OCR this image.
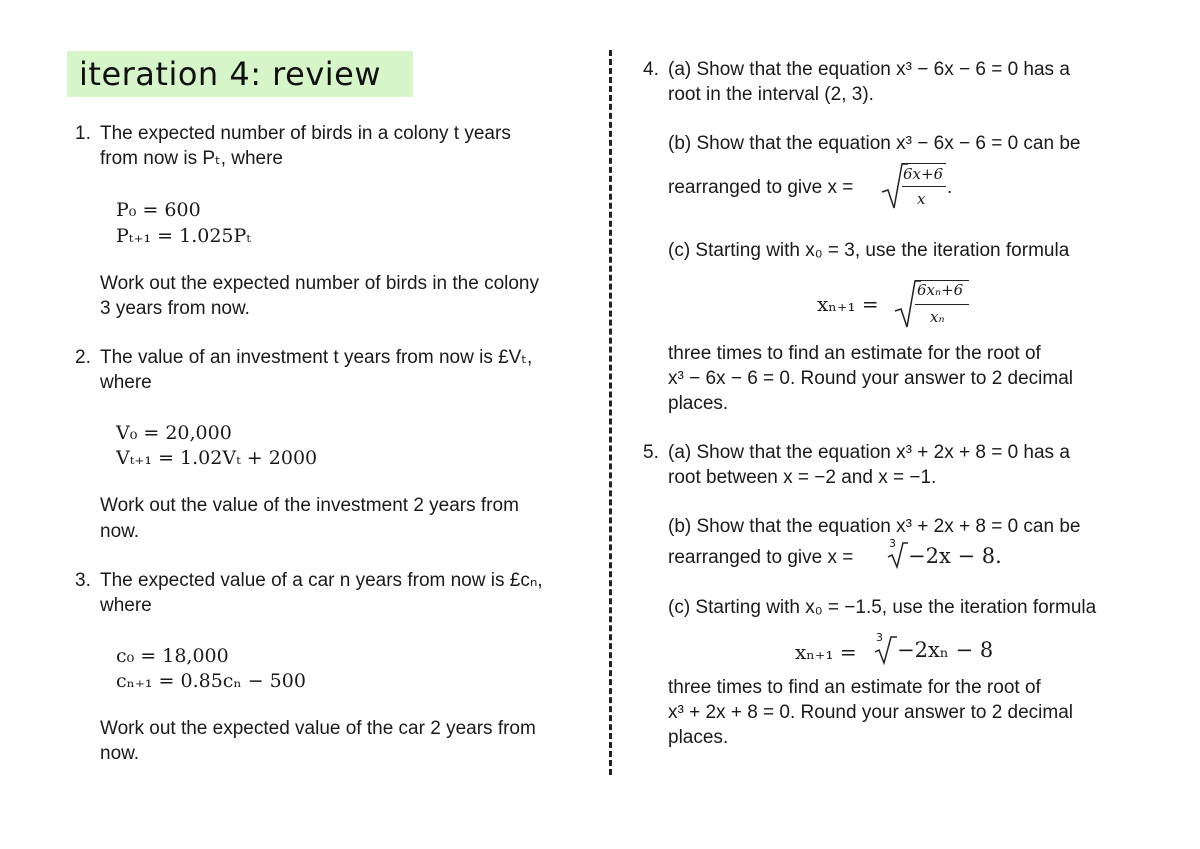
iteration 4: review
1. The expected number of birds in a colony t years
from now is Pₜ, where
P₀ = 600
Pₜ₊₁ = 1.025Pₜ
Work out the expected number of birds in the colony
3 years from now.
2. The value of an investment t years from now is £Vₜ,
where
V₀ = 20,000
Vₜ₊₁ = 1.02Vₜ + 2000
Work out the value of the investment 2 years from
now.
3. The expected value of a car n years from now is £cₙ,
where
c₀ = 18,000
cₙ₊₁ = 0.85cₙ − 500
Work out the expected value of the car 2 years from
now.
4. (a) Show that the equation x³ − 6x − 6 = 0 has a
root in the interval (2, 3).
(b) Show that the equation x³ − 6x − 6 = 0 can be
rearranged to give x =
6x+6
x
.
(c) Starting with x₀ = 3, use the iteration formula
xₙ₊₁ =
6xₙ+6
xₙ
three times to find an estimate for the root of
x³ − 6x − 6 = 0. Round your answer to 2 decimal
places.
5. (a) Show that the equation x³ + 2x + 8 = 0 has a
root between x = −2 and x = −1.
(b) Show that the equation x³ + 2x + 8 = 0 can be
rearranged to give x =
3
−2x − 8.
(c) Starting with x₀ = −1.5, use the iteration formula
xₙ₊₁ =
3
−2xₙ − 8
three times to find an estimate for the root of
x³ + 2x + 8 = 0. Round your answer to 2 decimal
places.
